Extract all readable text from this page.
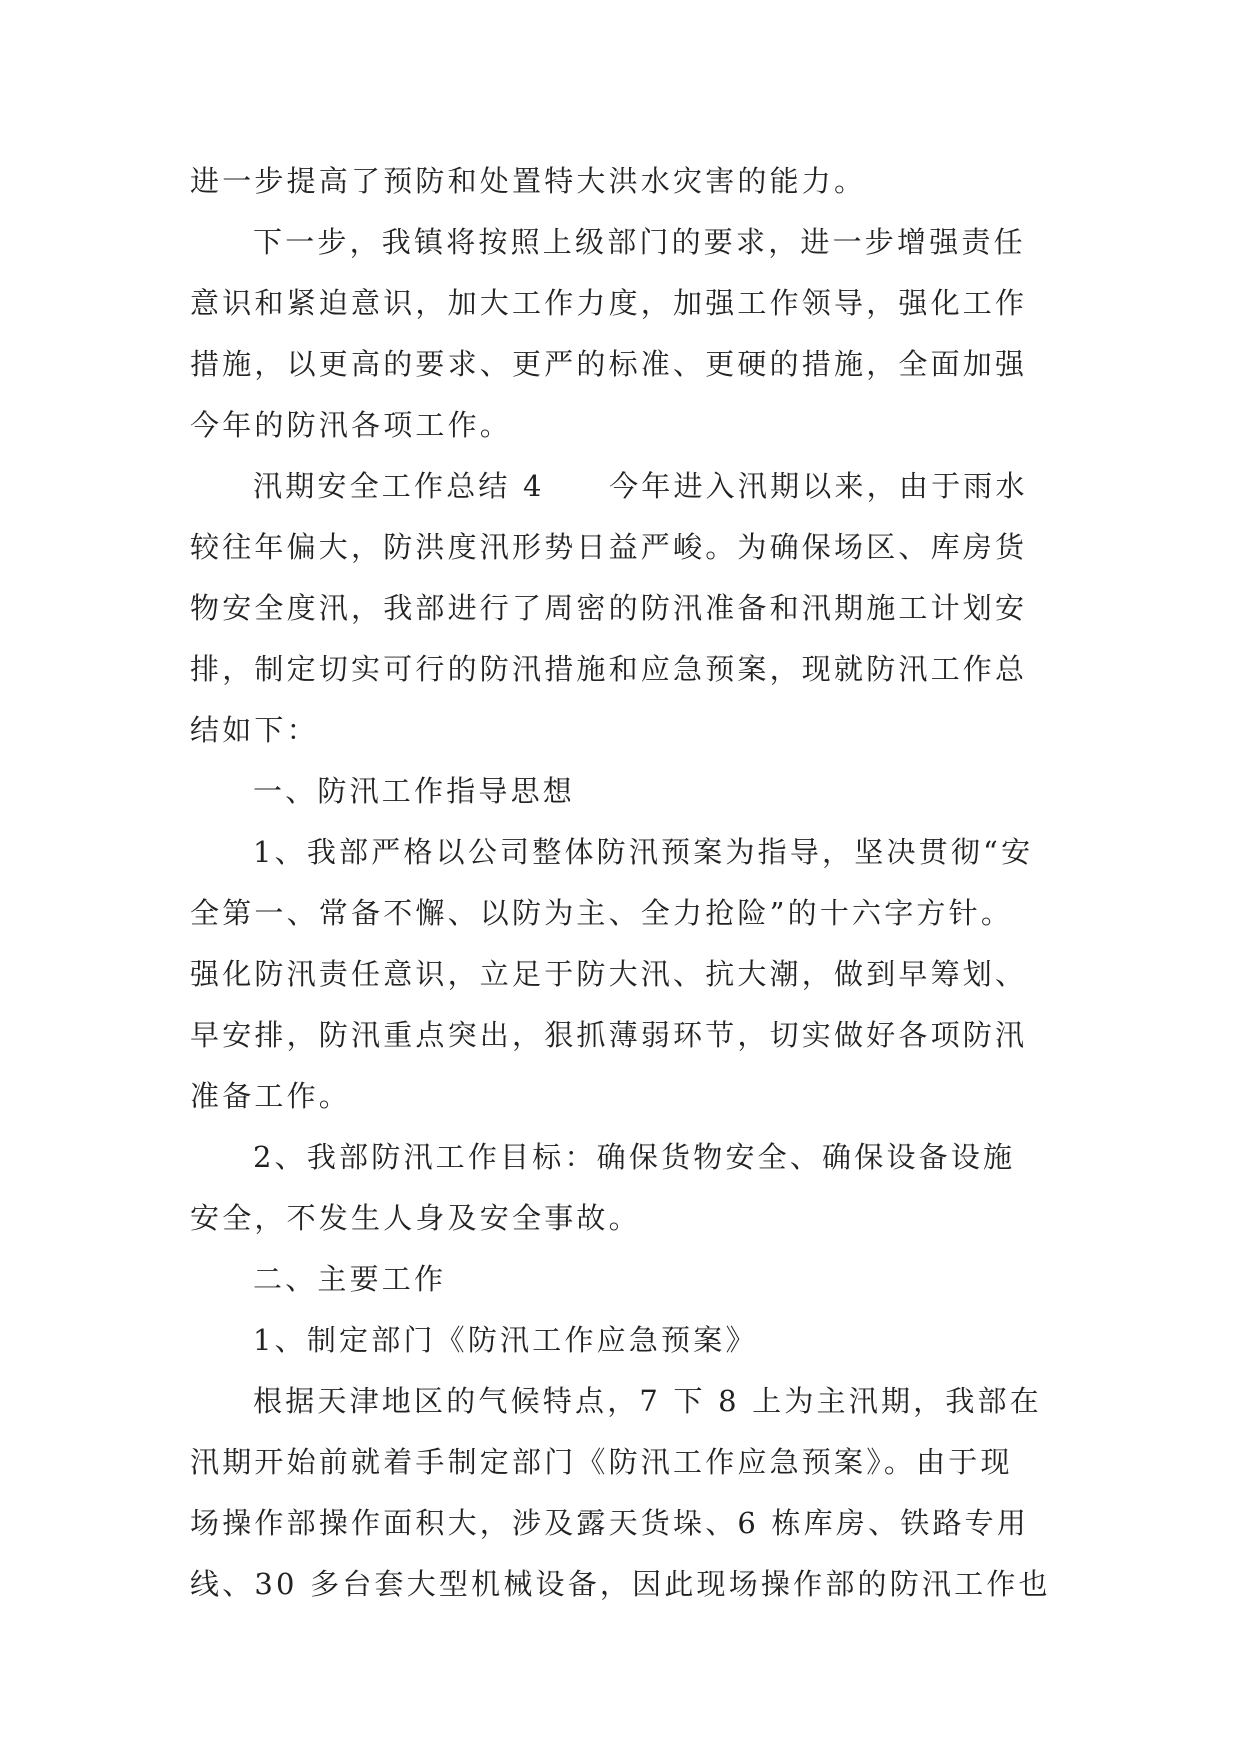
进一步提高了预防和处置特大洪水灾害的能力。
下一步，我镇将按照上级部门的要求，进一步增强责任
意识和紧迫意识，加大工作力度，加强工作领导，强化工作
措施，以更高的要求、更严的标准、更硬的措施，全面加强
今年的防汛各项工作。
汛期安全工作总结 4　　今年进入汛期以来，由于雨水
较往年偏大，防洪度汛形势日益严峻。为确保场区、库房货
物安全度汛，我部进行了周密的防汛准备和汛期施工计划安
排，制定切实可行的防汛措施和应急预案，现就防汛工作总
结如下：
一、防汛工作指导思想
1、我部严格以公司整体防汛预案为指导，坚决贯彻“安
全第一、常备不懈、以防为主、全力抢险”的十六字方针。
强化防汛责任意识，立足于防大汛、抗大潮，做到早筹划、
早安排，防汛重点突出，狠抓薄弱环节，切实做好各项防汛
准备工作。
2、我部防汛工作目标：确保货物安全、确保设备设施
安全，不发生人身及安全事故。
二、主要工作
1、制定部门《防汛工作应急预案》
根据天津地区的气候特点，7 下 8 上为主汛期，我部在
汛期开始前就着手制定部门《防汛工作应急预案》。由于现
场操作部操作面积大，涉及露天货垛、6 栋库房、铁路专用
线、30 多台套大型机械设备，因此现场操作部的防汛工作也
